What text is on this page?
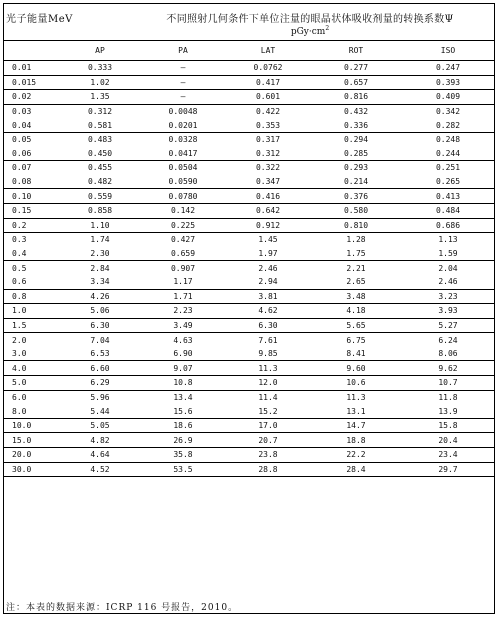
光子能量MeV	不同照射几何条件下单位注量的眼晶状体吸收剂量的转换系数Ψ
$pGy\cdot cm^2$
	AP	PA	LAT	ROT	ISO
0.01	0.333	—	0.0762	0.277	0.247
0.015	1.02	—	0.417	0.657	0.393
0.02	1.35	—	0.601	0.816	0.409
0.03	0.312	0.0048	0.422	0.432	0.342
0.04	0.581	0.0201	0.353	0.336	0.282
0.05	0.483	0.0328	0.317	0.294	0.248
0.06	0.450	0.0417	0.312	0.285	0.244
0.07	0.455	0.0504	0.322	0.293	0.251
0.08	0.482	0.0590	0.347	0.214	0.265
0.10	0.559	0.0780	0.416	0.376	0.413
0.15	0.858	0.142	0.642	0.580	0.484
0.2	1.10	0.225	0.912	0.810	0.686
0.3	1.74	0.427	1.45	1.28	1.13
0.4	2.30	0.659	1.97	1.75	1.59
0.5	2.84	0.907	2.46	2.21	2.04
0.6	3.34	1.17	2.94	2.65	2.46
0.8	4.26	1.71	3.81	3.48	3.23
1.0	5.06	2.23	4.62	4.18	3.93
1.5	6.30	3.49	6.30	5.65	5.27
2.0	7.04	4.63	7.61	6.75	6.24
3.0	6.53	6.90	9.85	8.41	8.06
4.0	6.60	9.07	11.3	9.60	9.62
5.0	6.29	10.8	12.0	10.6	10.7
6.0	5.96	13.4	11.4	11.3	11.8
8.0	5.44	15.6	15.2	13.1	13.9
10.0	5.05	18.6	17.0	14.7	15.8
15.0	4.82	26.9	20.7	18.8	20.4
20.0	4.64	35.8	23.8	22.2	23.4
30.0	4.52	53.5	28.8	28.4	29.7
注：本表的数据来源：ICRP 116 号报告，2010。
